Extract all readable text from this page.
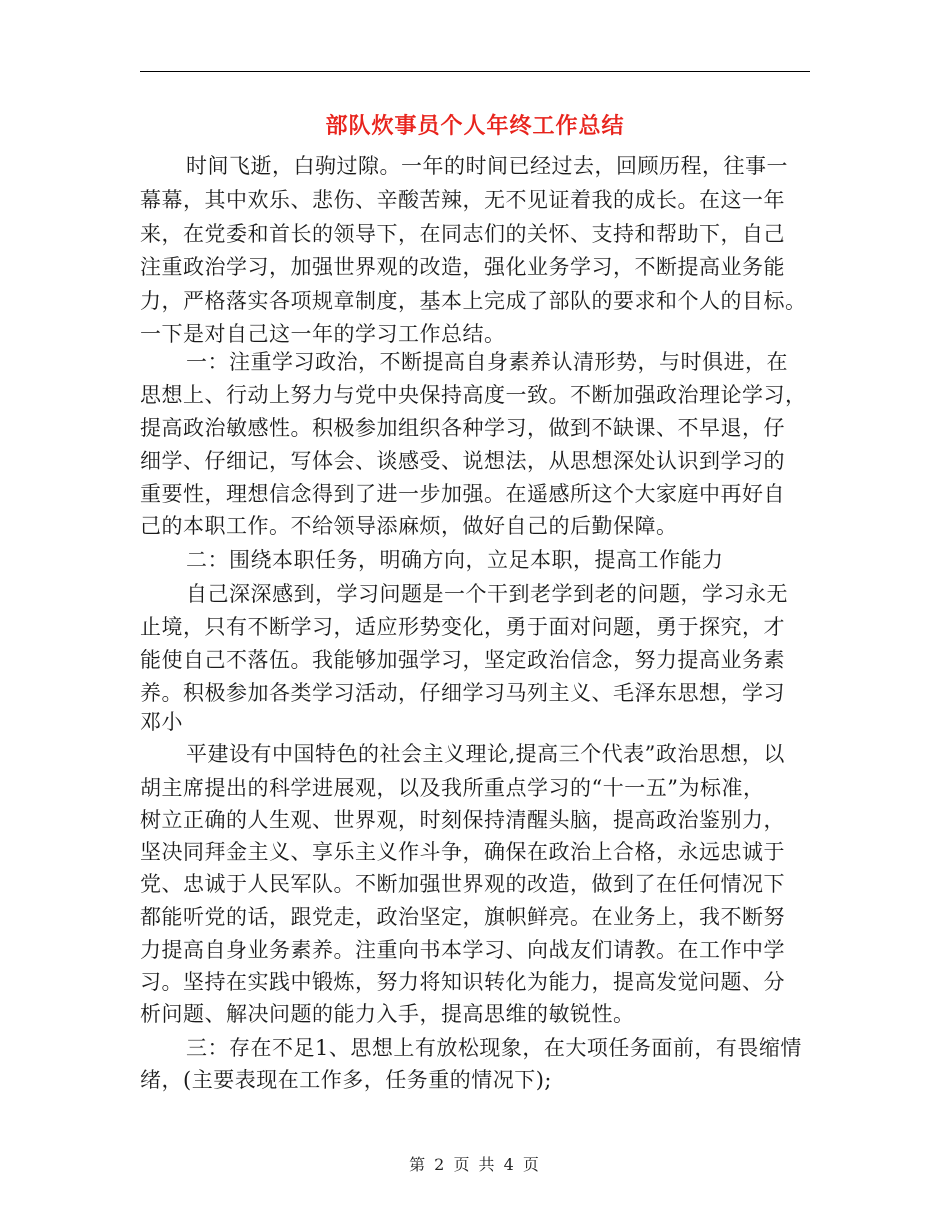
部队炊事员个人年终工作总结
时间飞逝，白驹过隙。一年的时间已经过去，回顾历程，往事一
幕幕，其中欢乐、悲伤、辛酸苦辣，无不见证着我的成长。在这一年
来，在党委和首长的领导下，在同志们的关怀、支持和帮助下，自己
注重政治学习，加强世界观的改造，强化业务学习，不断提高业务能
力，严格落实各项规章制度，基本上完成了部队的要求和个人的目标。
一下是对自己这一年的学习工作总结。
一：注重学习政治，不断提高自身素养认清形势，与时俱进，在
思想上、行动上努力与党中央保持高度一致。不断加强政治理论学习，
提高政治敏感性。积极参加组织各种学习，做到不缺课、不早退，仔
细学、仔细记，写体会、谈感受、说想法，从思想深处认识到学习的
重要性，理想信念得到了进一步加强。在遥感所这个大家庭中再好自
己的本职工作。不给领导添麻烦，做好自己的后勤保障。
二：围绕本职任务，明确方向，立足本职，提高工作能力
自己深深感到，学习问题是一个干到老学到老的问题，学习永无
止境，只有不断学习，适应形势变化，勇于面对问题，勇于探究，才
能使自己不落伍。我能够加强学习，坚定政治信念，努力提高业务素
养。积极参加各类学习活动，仔细学习马列主义、毛泽东思想，学习
邓小
平建设有中国特色的社会主义理论,提高三个代表”政治思想，以
胡主席提出的科学进展观，以及我所重点学习的“十一五”为标准，
树立正确的人生观、世界观，时刻保持清醒头脑，提高政治鉴别力，
坚决同拜金主义、享乐主义作斗争，确保在政治上合格，永远忠诚于
党、忠诚于人民军队。不断加强世界观的改造，做到了在任何情况下
都能听党的话，跟党走，政治坚定，旗帜鲜亮。在业务上，我不断努
力提高自身业务素养。注重向书本学习、向战友们请教。在工作中学
习。坚持在实践中锻炼，努力将知识转化为能力，提高发觉问题、分
析问题、解决问题的能力入手，提高思维的敏锐性。
三：存在不足1、思想上有放松现象，在大项任务面前，有畏缩情
绪，(主要表现在工作多，任务重的情况下);
第 2 页 共 4 页
